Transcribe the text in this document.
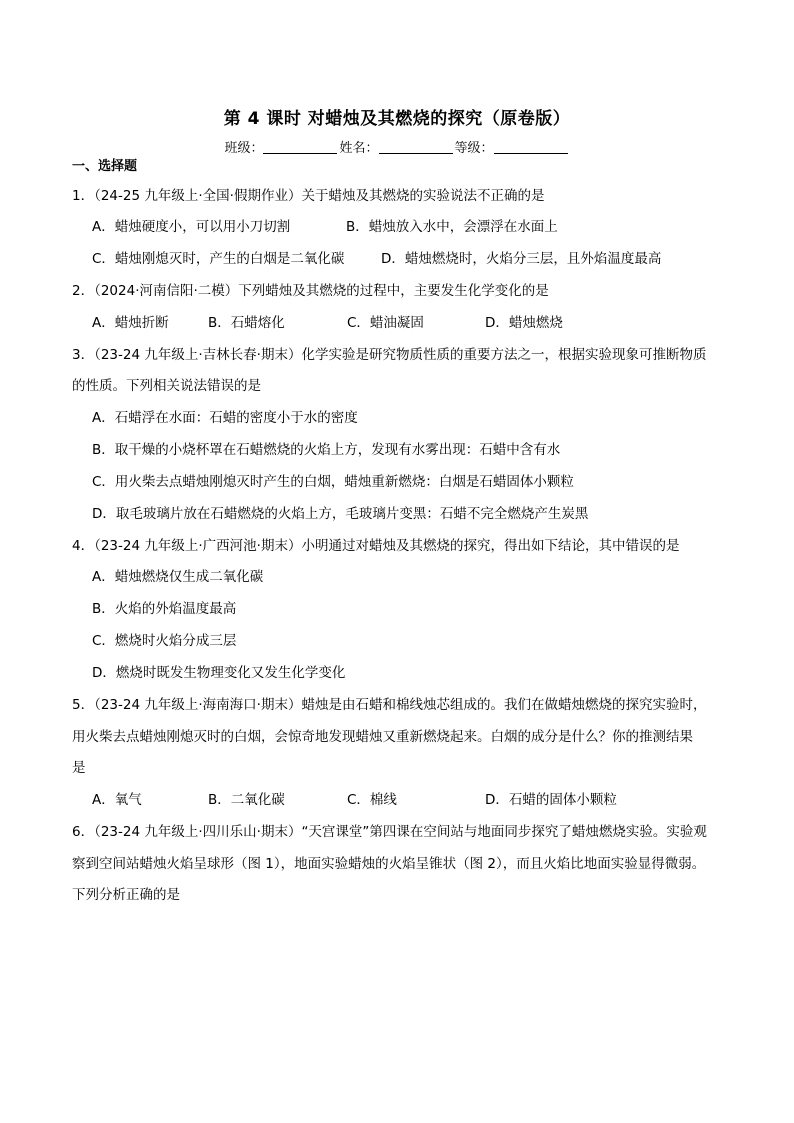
第 4 课时 对蜡烛及其燃烧的探究（原卷版）
班级：	姓名：	等级：
一、选择题
1．（24-25 九年级上·全国·假期作业）关于蜡烛及其燃烧的实验说法不正确的是
A．蜡烛硬度小，可以用小刀切割	B．蜡烛放入水中，会漂浮在水面上
C．蜡烛刚熄灭时，产生的白烟是二氧化碳	D．蜡烛燃烧时，火焰分三层，且外焰温度最高
2．（2024·河南信阳·二模）下列蜡烛及其燃烧的过程中，主要发生化学变化的是
A．蜡烛折断	B．石蜡熔化	C．蜡油凝固	D．蜡烛燃烧
3．（23-24 九年级上·吉林长春·期末）化学实验是研究物质性质的重要方法之一，根据实验现象可推断物质
的性质。下列相关说法错误的是
A．石蜡浮在水面：石蜡的密度小于水的密度
B．取干燥的小烧杯罩在石蜡燃烧的火焰上方，发现有水雾出现：石蜡中含有水
C．用火柴去点蜡烛刚熄灭时产生的白烟，蜡烛重新燃烧：白烟是石蜡固体小颗粒
D．取毛玻璃片放在石蜡燃烧的火焰上方，毛玻璃片变黑：石蜡不完全燃烧产生炭黑
4．（23-24 九年级上·广西河池·期末）小明通过对蜡烛及其燃烧的探究，得出如下结论，其中错误的是
A．蜡烛燃烧仅生成二氧化碳
B．火焰的外焰温度最高
C．燃烧时火焰分成三层
D．燃烧时既发生物理变化又发生化学变化
5．（23-24 九年级上·海南海口·期末）蜡烛是由石蜡和棉线烛芯组成的。我们在做蜡烛燃烧的探究实验时，
用火柴去点蜡烛刚熄灭时的白烟，会惊奇地发现蜡烛又重新燃烧起来。白烟的成分是什么？你的推测结果
是
A．氧气	B．二氧化碳	C．棉线	D．石蜡的固体小颗粒
6．（23-24 九年级上·四川乐山·期末）“天宫课堂”第四课在空间站与地面同步探究了蜡烛燃烧实验。实验观
察到空间站蜡烛火焰呈球形（图 1），地面实验蜡烛的火焰呈锥状（图 2），而且火焰比地面实验显得微弱。
下列分析正确的是
